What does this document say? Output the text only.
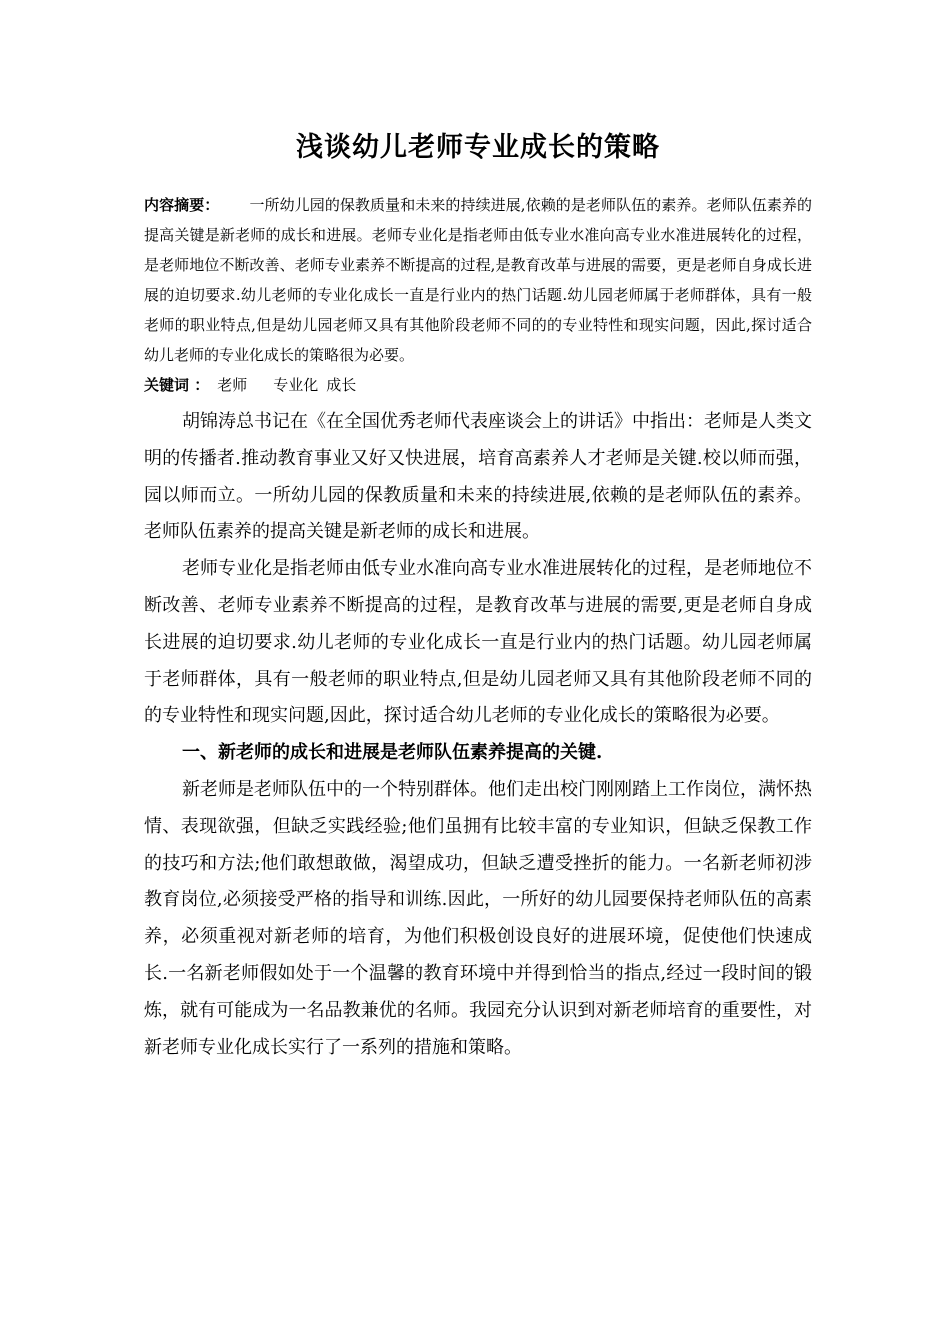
浅谈幼儿老师专业成长的策略

内容摘要： 一所幼儿园的保教质量和未来的持续进展,依赖的是老师队伍的素养。老师队伍素养的提高关键是新老师的成长和进展。老师专业化是指老师由低专业水准向高专业水准进展转化的过程，是老师地位不断改善、老师专业素养不断提高的过程,是教育改革与进展的需要，更是老师自身成长进展的迫切要求.幼儿老师的专业化成长一直是行业内的热门话题.幼儿园老师属于老师群体，具有一般老师的职业特点,但是幼儿园老师又具有其他阶段老师不同的的专业特性和现实问题，因此,探讨适合幼儿老师的专业化成长的策略很为必要。

关键词 ： 老师 专业化 成长

胡锦涛总书记在《在全国优秀老师代表座谈会上的讲话》中指出：老师是人类文明的传播者.推动教育事业又好又快进展，培育高素养人才老师是关键.校以师而强，园以师而立。一所幼儿园的保教质量和未来的持续进展,依赖的是老师队伍的素养。老师队伍素养的提高关键是新老师的成长和进展。

老师专业化是指老师由低专业水准向高专业水准进展转化的过程，是老师地位不断改善、老师专业素养不断提高的过程，是教育改革与进展的需要,更是老师自身成长进展的迫切要求.幼儿老师的专业化成长一直是行业内的热门话题。幼儿园老师属于老师群体，具有一般老师的职业特点,但是幼儿园老师又具有其他阶段老师不同的的专业特性和现实问题,因此，探讨适合幼儿老师的专业化成长的策略很为必要。

一、新老师的成长和进展是老师队伍素养提高的关键.

新老师是老师队伍中的一个特别群体。他们走出校门刚刚踏上工作岗位，满怀热情、表现欲强，但缺乏实践经验;他们虽拥有比较丰富的专业知识，但缺乏保教工作的技巧和方法;他们敢想敢做，渴望成功，但缺乏遭受挫折的能力。一名新老师初涉教育岗位,必须接受严格的指导和训练.因此，一所好的幼儿园要保持老师队伍的高素养，必须重视对新老师的培育，为他们积极创设良好的进展环境，促使他们快速成长.一名新老师假如处于一个温馨的教育环境中并得到恰当的指点,经过一段时间的锻炼，就有可能成为一名品教兼优的名师。我园充分认识到对新老师培育的重要性，对新老师专业化成长实行了一系列的措施和策略。
